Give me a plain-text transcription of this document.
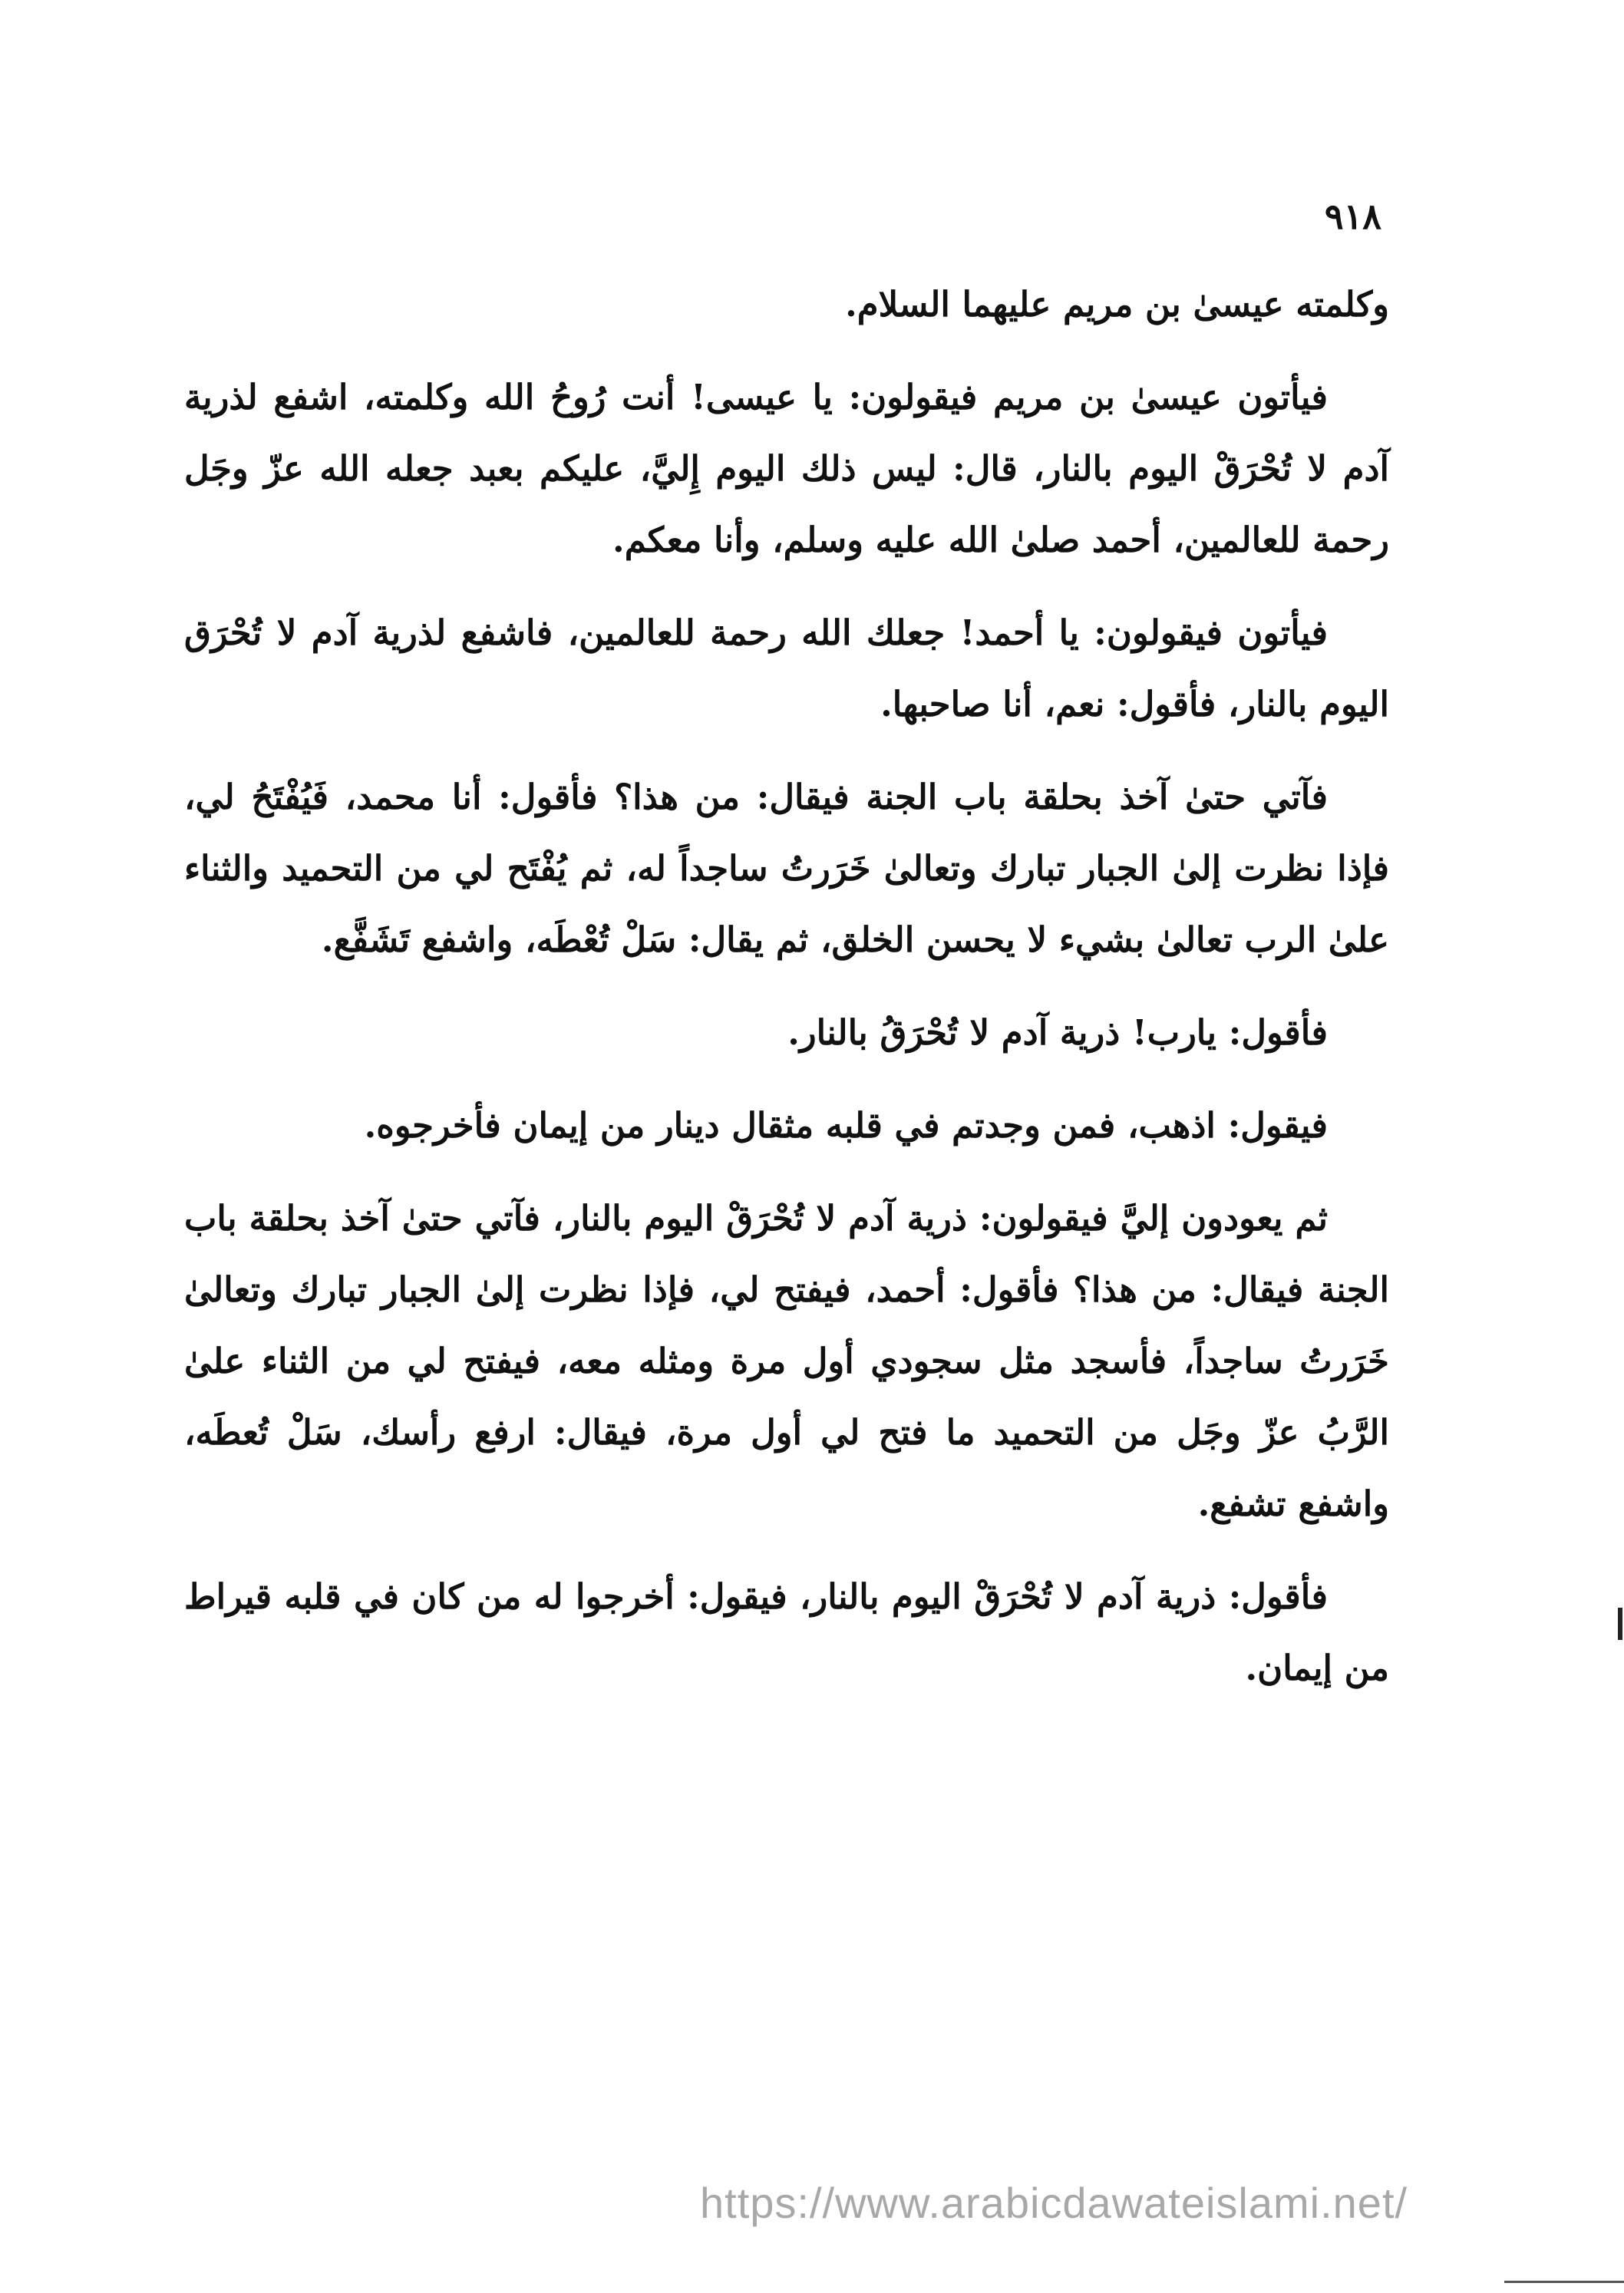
٩١٨

وكلمته عيسىٰ بن مريم عليهما السلام.

فيأتون عيسىٰ بن مريم فيقولون: يا عيسى! أنت رُوحُ الله وكلمته، اشفع لذرية آدم لا تُحْرَقْ اليوم بالنار، قال: ليس ذلك اليوم إِليَّ، عليكم بعبد جعله الله عزّ وجَل رحمة للعالمين، أحمد صلىٰ الله عليه وسلم، وأنا معكم.

فيأتون فيقولون: يا أحمد! جعلك الله رحمة للعالمين، فاشفع لذرية آدم لا تُحْرَق اليوم بالنار، فأقول: نعم، أنا صاحبها.

فآتي حتىٰ آخذ بحلقة باب الجنة فيقال: من هذا؟ فأقول: أنا محمد، فَيُفْتَحُ لي، فإذا نظرت إلىٰ الجبار تبارك وتعالىٰ خَرَرتُ ساجداً له، ثم يُفْتَح لي من التحميد والثناء علىٰ الرب تعالىٰ بشيء لا يحسن الخلق، ثم يقال: سَلْ تُعْطَه، واشفع تَشَفَّع.

فأقول: يارب! ذرية آدم لا تُحْرَقُ بالنار.

فيقول: اذهب، فمن وجدتم في قلبه مثقال دينار من إيمان فأخرجوه.

ثم يعودون إليَّ فيقولون: ذرية آدم لا تُحْرَقْ اليوم بالنار، فآتي حتىٰ آخذ بحلقة باب الجنة فيقال: من هذا؟ فأقول: أحمد، فيفتح لي، فإذا نظرت إلىٰ الجبار تبارك وتعالىٰ خَرَرتُ ساجداً، فأسجد مثل سجودي أول مرة ومثله معه، فيفتح لي من الثناء علىٰ الرَّبُ عزّ وجَل من التحميد ما فتح لي أول مرة، فيقال: ارفع رأسك، سَلْ تُعطَه، واشفع تشفع.

فأقول: ذرية آدم لا تُحْرَقْ اليوم بالنار، فيقول: أخرجوا له من كان في قلبه قيراط من إيمان.

https://www.arabicdawateislami.net/
